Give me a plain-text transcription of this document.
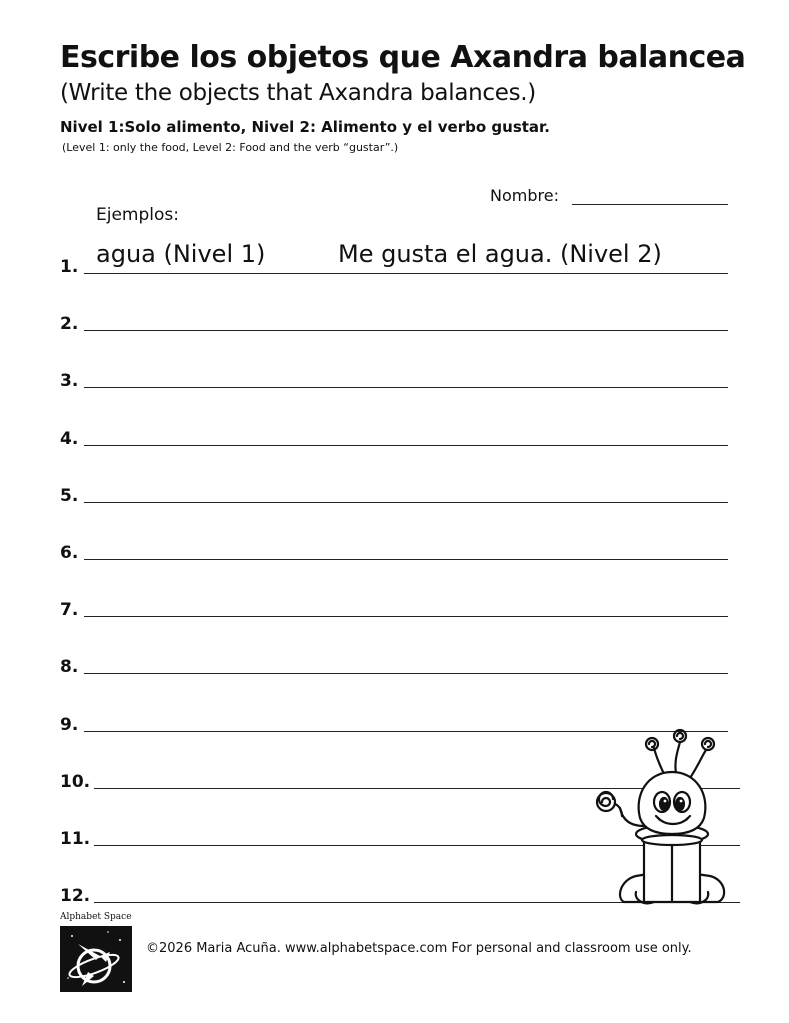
Escribe los objetos que Axandra balancea
(Write the objects that Axandra balances.)
Nivel 1:Solo alimento, Nivel 2: Alimento y el verbo gustar.
(Level 1: only the food, Level 2: Food and the verb “gustar”.)
Nombre:
Ejemplos:
agua (Nivel 1)	Me gusta el agua. (Nivel 2)
1.
2.
3.
4.
5.
6.
7.
8.
9.
10.
11.
12.
Alphabet Space
©2026 Maria Acuña. www.alphabetspace.com For personal and classroom use only.
